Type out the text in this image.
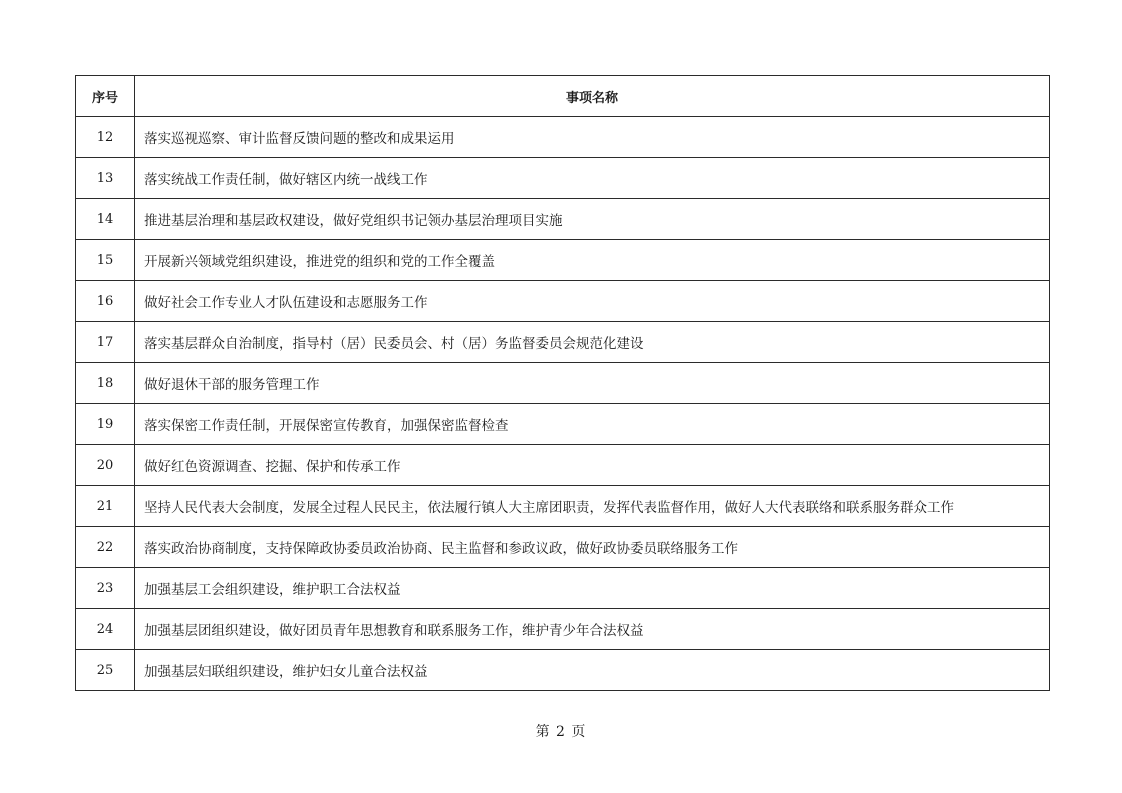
序号	事项名称
12	落实巡视巡察、审计监督反馈问题的整改和成果运用
13	落实统战工作责任制，做好辖区内统一战线工作
14	推进基层治理和基层政权建设，做好党组织书记领办基层治理项目实施
15	开展新兴领域党组织建设，推进党的组织和党的工作全覆盖
16	做好社会工作专业人才队伍建设和志愿服务工作
17	落实基层群众自治制度，指导村（居）民委员会、村（居）务监督委员会规范化建设
18	做好退休干部的服务管理工作
19	落实保密工作责任制，开展保密宣传教育，加强保密监督检查
20	做好红色资源调查、挖掘、保护和传承工作
21	坚持人民代表大会制度，发展全过程人民民主，依法履行镇人大主席团职责，发挥代表监督作用，做好人大代表联络和联系服务群众工作
22	落实政治协商制度，支持保障政协委员政治协商、民主监督和参政议政，做好政协委员联络服务工作
23	加强基层工会组织建设，维护职工合法权益
24	加强基层团组织建设，做好团员青年思想教育和联系服务工作，维护青少年合法权益
25	加强基层妇联组织建设，维护妇女儿童合法权益
第 2 页
